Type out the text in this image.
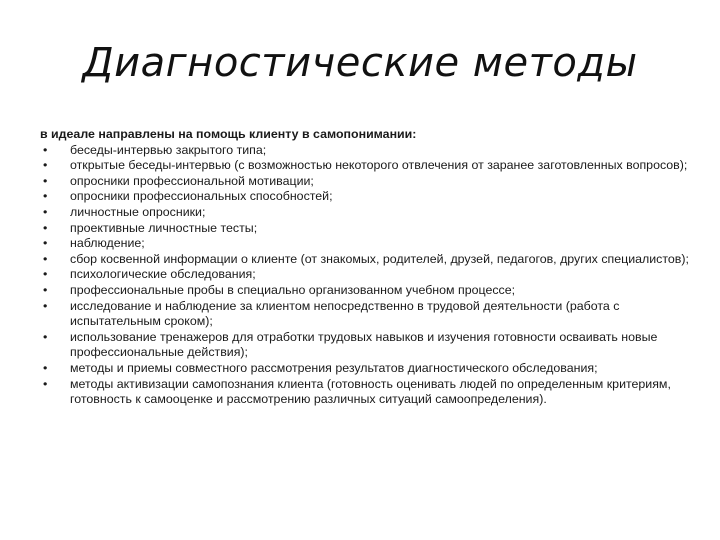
Диагностические методы

в идеале направлены на помощь клиенту в самопонимании:

• беседы-интервью закрытого типа;
• открытые беседы-интервью (с возможностью некоторого отвлечения от заранее заготовленных вопросов);
• опросники профессиональной мотивации;
• опросники профессиональных способностей;
• личностные опросники;
• проективные личностные тесты;
• наблюдение;
• сбор косвенной информации о клиенте (от знакомых, родителей, друзей, педагогов, других специалистов);
• психологические обследования;
• профессиональные пробы в специально организованном учебном процессе;
• исследование и наблюдение за клиентом непосредственно в трудовой деятельности (работа с испытательным сроком);
• использование тренажеров для отработки трудовых навыков и изучения готовности осваивать новые профессиональные действия);
• методы и приемы совместного рассмотрения результатов диагностического обследования;
• методы активизации самопознания клиента (готовность оценивать людей по определенным критериям, готовность к самооценке и рассмотрению различных ситуаций самоопределения).
